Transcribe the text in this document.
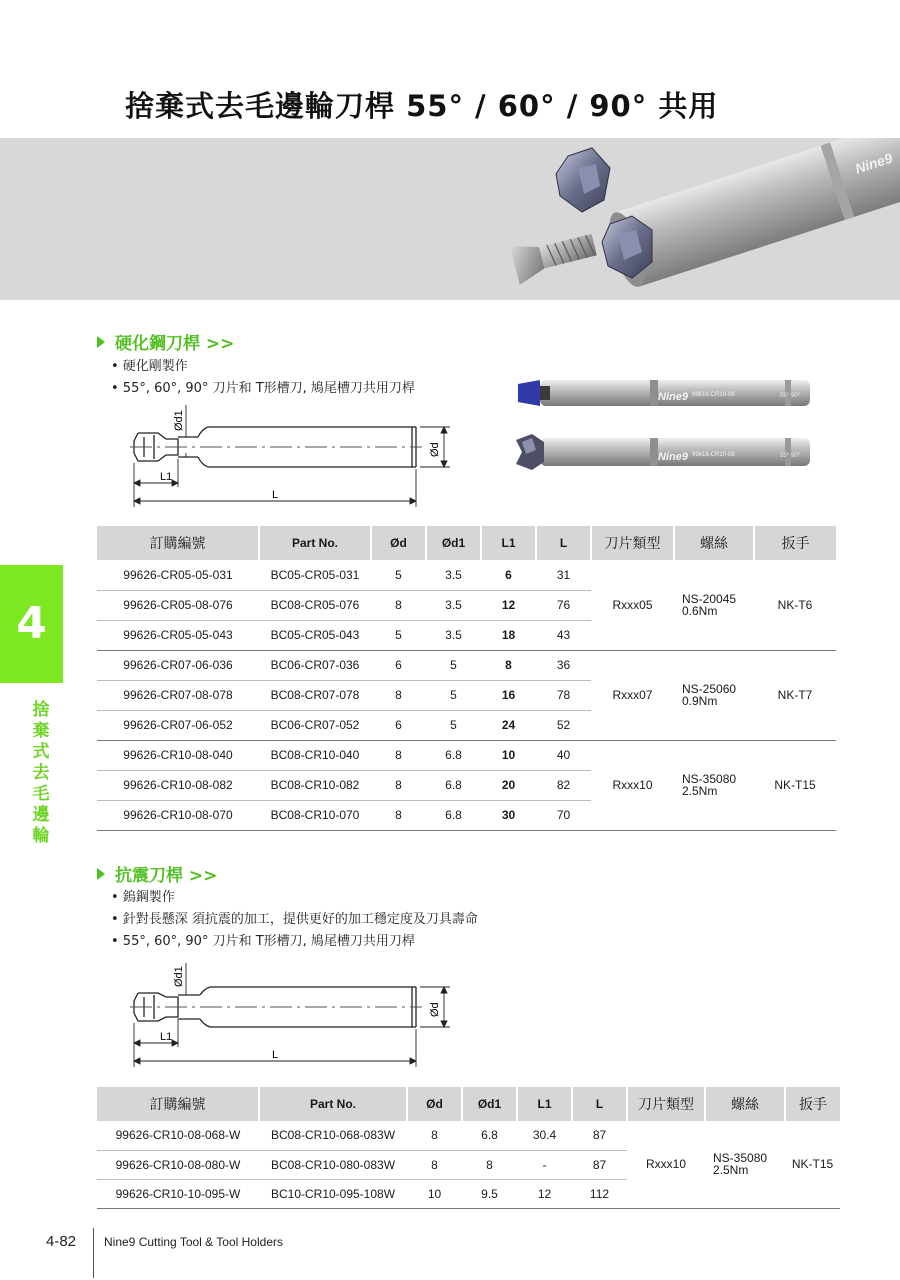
捨棄式去毛邊輪刀桿 55° / 60° / 90° 共用
Nine9
4
捨棄式去毛邊輪
硬化鋼刀桿 >>
• 硬化剛製作
• 55°, 60°, 90° 刀片和 T形槽刀, 鳩尾槽刀共用刀桿
Ød1
Ød
L1
L
Nine9 99616-CR10-08	55°·90°
Nine9 99616-CR10-08	55°·90°
訂購編號	Part No.	Ød	Ød1	L1	L	刀片類型	螺絲	扳手
99626-CR05-05-031	BC05-CR05-031	5	3.5	6	31	Rxxx05	NS-20045
0.6Nm	NK-T6
99626-CR05-08-076	BC08-CR05-076	8	3.5	12	76			
99626-CR05-05-043	BC05-CR05-043	5	3.5	18	43			
99626-CR07-06-036	BC06-CR07-036	6	5	8	36	Rxxx07	NS-25060
0.9Nm	NK-T7
99626-CR07-08-078	BC08-CR07-078	8	5	16	78			
99626-CR07-06-052	BC06-CR07-052	6	5	24	52			
99626-CR10-08-040	BC08-CR10-040	8	6.8	10	40	Rxxx10	NS-35080
2.5Nm	NK-T15
99626-CR10-08-082	BC08-CR10-082	8	6.8	20	82			
99626-CR10-08-070	BC08-CR10-070	8	6.8	30	70			
抗震刀桿 >>
• 鎢鋼製作
• 針對長懸深 須抗震的加工，提供更好的加工穩定度及刀具壽命
• 55°, 60°, 90° 刀片和 T形槽刀, 鳩尾槽刀共用刀桿
Ød1
Ød
L1
L
訂購編號	Part No.	Ød	Ød1	L1	L	刀片類型	螺絲	扳手
99626-CR10-08-068-W	BC08-CR10-068-083W	8	6.8	30.4	87	Rxxx10	NS-35080
2.5Nm	NK-T15
99626-CR10-08-080-W	BC08-CR10-080-083W	8	8	-	87			
99626-CR10-10-095-W	BC10-CR10-095-108W	10	9.5	12	112			
4-82 Nine9 Cutting Tool & Tool Holders
